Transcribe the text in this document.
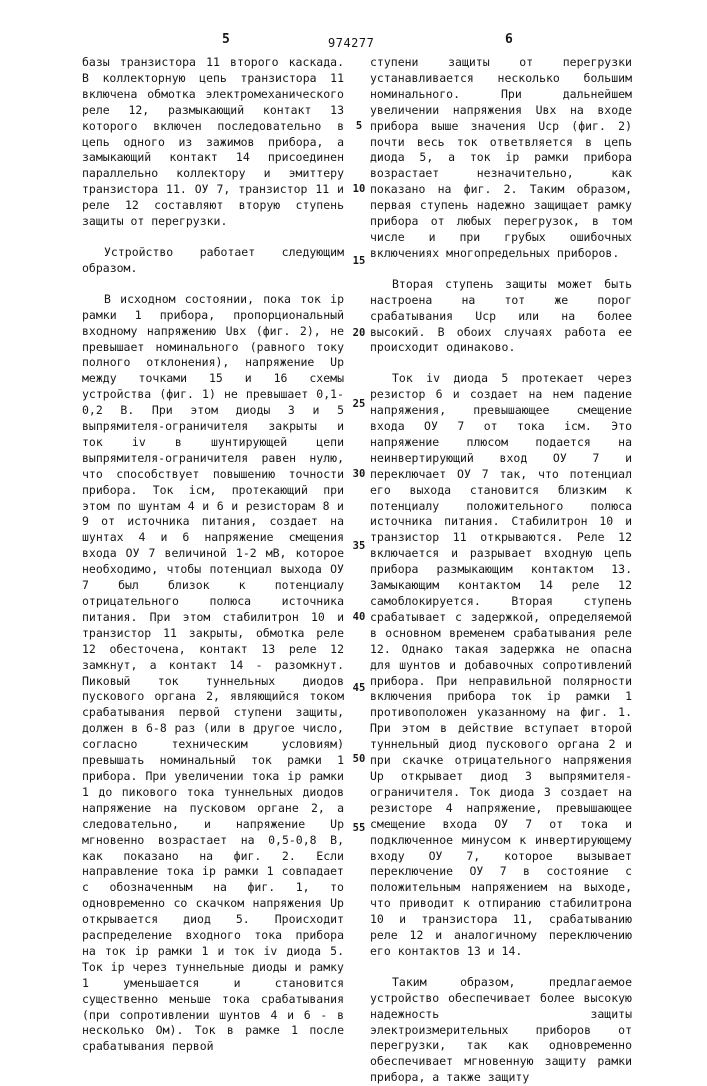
5	974277	6

базы транзистора 11 второго каскада. В коллекторную цепь транзистора 11 включена обмотка электромеханического реле 12, размыкающий контакт 13 которого включен последовательно в цепь одного из зажимов прибора, а замыкающий контакт 14 присоединен параллельно коллектору и эмиттеру транзистора 11. ОУ 7, транзистор 11 и реле 12 составляют вторую ступень защиты от перегрузки.

Устройство работает следующим образом.

В исходном состоянии, пока ток iр рамки 1 прибора, пропорциональный входному напряжению Uвх (фиг. 2), не превышает номинального (равного току полного отклонения), напряжение Uр между точками 15 и 16 схемы устройства (фиг. 1) не превышает 0,1-0,2 В. При этом диоды 3 и 5 выпрямителя-ограничителя закрыты и ток iv в шунтирующей цепи выпрямителя-ограничителя равен нулю, что способствует повышению точности прибора. Ток iсм, протекающий при этом по шунтам 4 и 6 и резисторам 8 и 9 от источника питания, создает на шунтах 4 и 6 напряжение смещения входа ОУ 7 величиной 1-2 мВ, которое необходимо, чтобы потенциал выхода ОУ 7 был близок к потенциалу отрицательного полюса источника питания. При этом стабилитрон 10 и транзистор 11 закрыты, обмотка реле 12 обесточена, контакт 13 реле 12 замкнут, а контакт 14 - разомкнут. Пиковый ток туннельных диодов пускового органа 2, являющийся током срабатывания первой ступени защиты, должен в 6-8 раз (или в другое число, согласно техническим условиям) превышать номинальный ток рамки 1 прибора. При увеличении тока iр рамки 1 до пикового тока туннельных диодов напряжение на пусковом органе 2, а следовательно, и напряжение Uр мгновенно возрастает на 0,5-0,8 В, как показано на фиг. 2. Если направление тока iр рамки 1 совпадает с обозначенным на фиг. 1, то одновременно со скачком напряжения Uр открывается диод 5. Происходит распределение входного тока прибора на ток iр рамки 1 и ток iv диода 5. Ток iр через туннельные диоды и рамку 1 уменьшается и становится существенно меньше тока срабатывания (при сопротивлении шунтов 4 и 6 - в несколько Ом). Ток в рамке 1 после срабатывания первой

5
10
15
20
25
30
35
40
45
50
55

ступени защиты от перегрузки устанавливается несколько большим номинального. При дальнейшем увеличении напряжения Uвх на входе прибора выше значения Uср (фиг. 2) почти весь ток ответвляется в цепь диода 5, а ток iр рамки прибора возрастает незначительно, как показано на фиг. 2. Таким образом, первая ступень надежно защищает рамку прибора от любых перегрузок, в том числе и при грубых ошибочных включениях многопредельных приборов.

Вторая ступень защиты может быть настроена на тот же порог срабатывания Uср или на более высокий. В обоих случаях работа ее происходит одинаково.

Ток iv диода 5 протекает через резистор 6 и создает на нем падение напряжения, превышающее смещение входа ОУ 7 от тока iсм. Это напряжение плюсом подается на неинвертирующий вход ОУ 7 и переключает ОУ 7 так, что потенциал его выхода становится близким к потенциалу положительного полюса источника питания. Стабилитрон 10 и транзистор 11 открываются. Реле 12 включается и разрывает входную цепь прибора размыкающим контактом 13. Замыкающим контактом 14 реле 12 самоблокируется. Вторая ступень срабатывает с задержкой, определяемой в основном временем срабатывания реле 12. Однако такая задержка не опасна для шунтов и добавочных сопротивлений прибора. При неправильной полярности включения прибора ток iр рамки 1 противоположен указанному на фиг. 1. При этом в действие вступает второй туннельный диод пускового органа 2 и при скачке отрицательного напряжения Uр открывает диод 3 выпрямителя-ограничителя. Ток диода 3 создает на резисторе 4 напряжение, превышающее смещение входа ОУ 7 от тока и подключенное минусом к инвертирующему входу ОУ 7, которое вызывает переключение ОУ 7 в состояние с положительным напряжением на выходе, что приводит к отпиранию стабилитрона 10 и транзистора 11, срабатыванию реле 12 и аналогичному переключению его контактов 13 и 14.

Таким образом, предлагаемое устройство обеспечивает более высокую надежность защиты электроизмерительных приборов от перегрузки, так как одновременно обеспечивает мгновенную защиту рамки прибора, а также защиту
